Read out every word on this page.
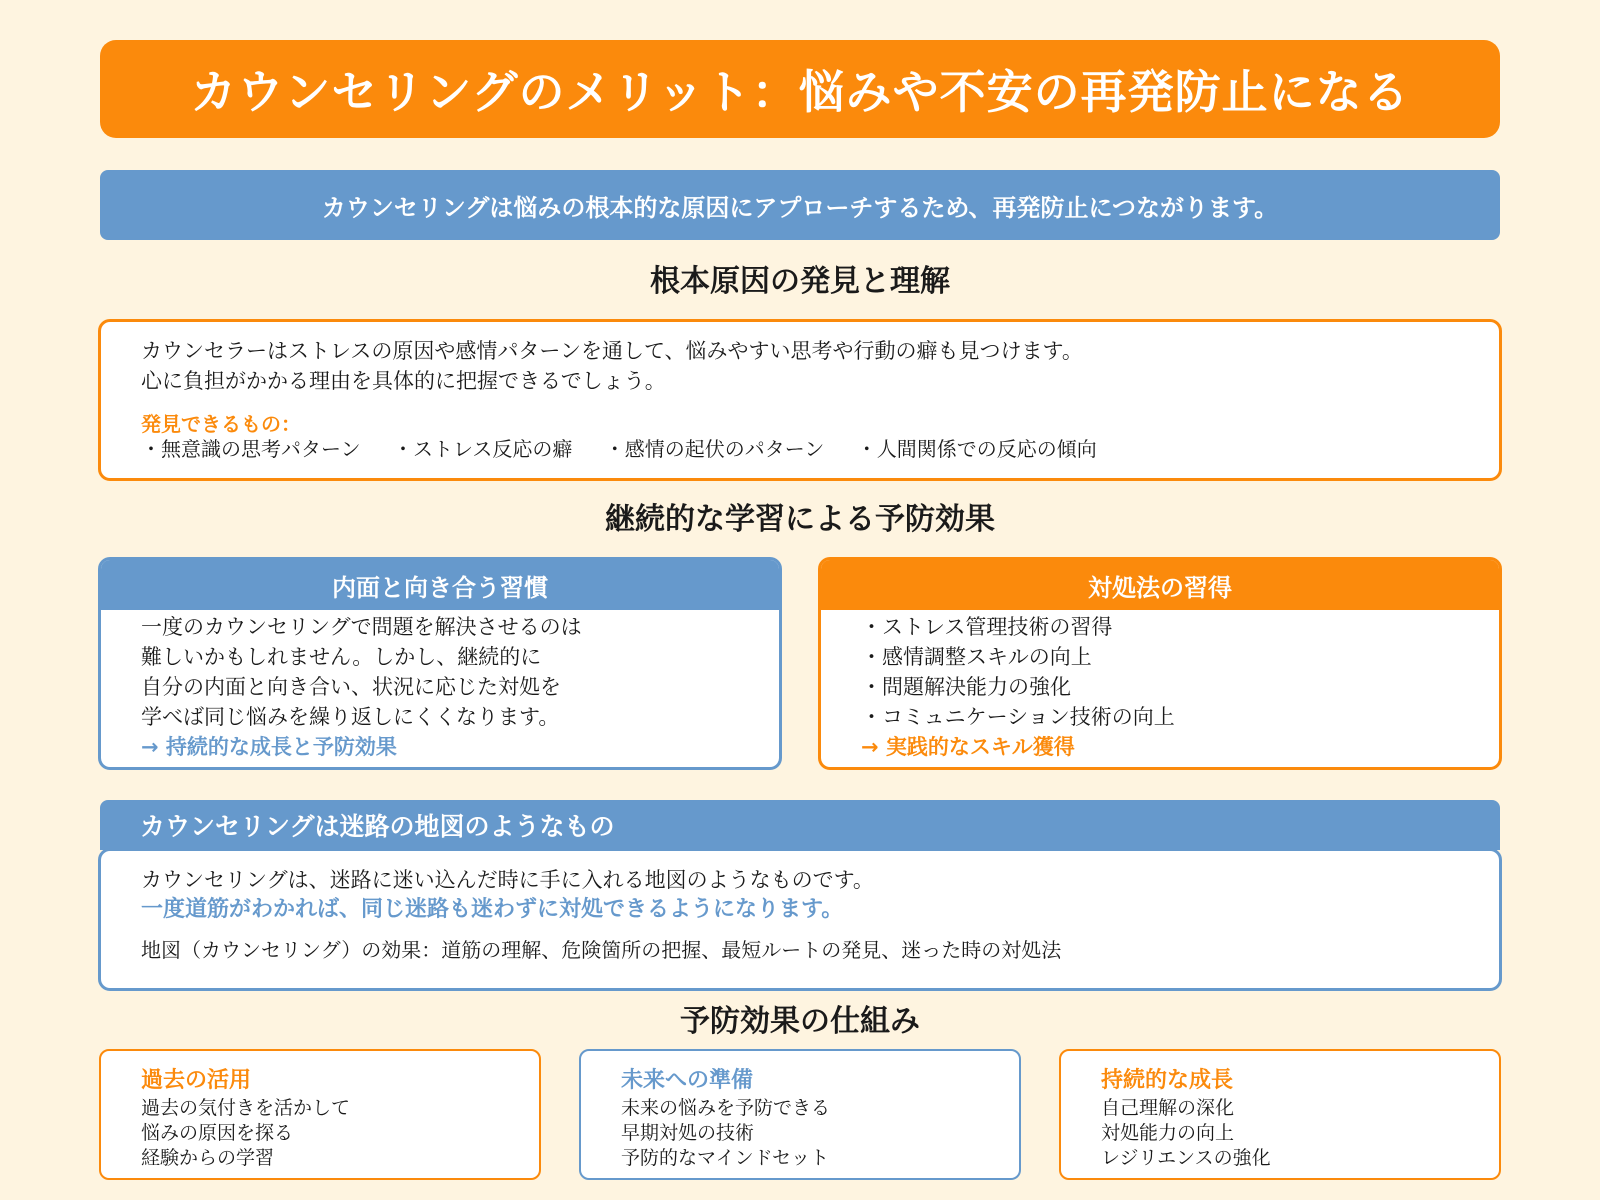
カウンセリングのメリット：悩みや不安の再発防止になる
カウンセリングは悩みの根本的な原因にアプローチするため、再発防止につながります。
根本原因の発見と理解
カウンセラーはストレスの原因や感情パターンを通して、悩みやすい思考や行動の癖も見つけます。
心に負担がかかる理由を具体的に把握できるでしょう。
発見できるもの：
・無意識の思考パターン ・ストレス反応の癖 ・感情の起伏のパターン ・人間関係での反応の傾向
継続的な学習による予防効果
内面と向き合う習慣
一度のカウンセリングで問題を解決させるのは
難しいかもしれません。しかし、継続的に
自分の内面と向き合い、状況に応じた対処を
学べば同じ悩みを繰り返しにくくなります。
→ 持続的な成長と予防効果
対処法の習得
・ストレス管理技術の習得
・感情調整スキルの向上
・問題解決能力の強化
・コミュニケーション技術の向上
→ 実践的なスキル獲得
カウンセリングは迷路の地図のようなもの
カウンセリングは、迷路に迷い込んだ時に手に入れる地図のようなものです。
一度道筋がわかれば、同じ迷路も迷わずに対処できるようになります。
地図（カウンセリング）の効果：道筋の理解、危険箇所の把握、最短ルートの発見、迷った時の対処法
予防効果の仕組み
過去の活用
過去の気付きを活かして
悩みの原因を探る
経験からの学習
未来への準備
未来の悩みを予防できる
早期対処の技術
予防的なマインドセット
持続的な成長
自己理解の深化
対処能力の向上
レジリエンスの強化
